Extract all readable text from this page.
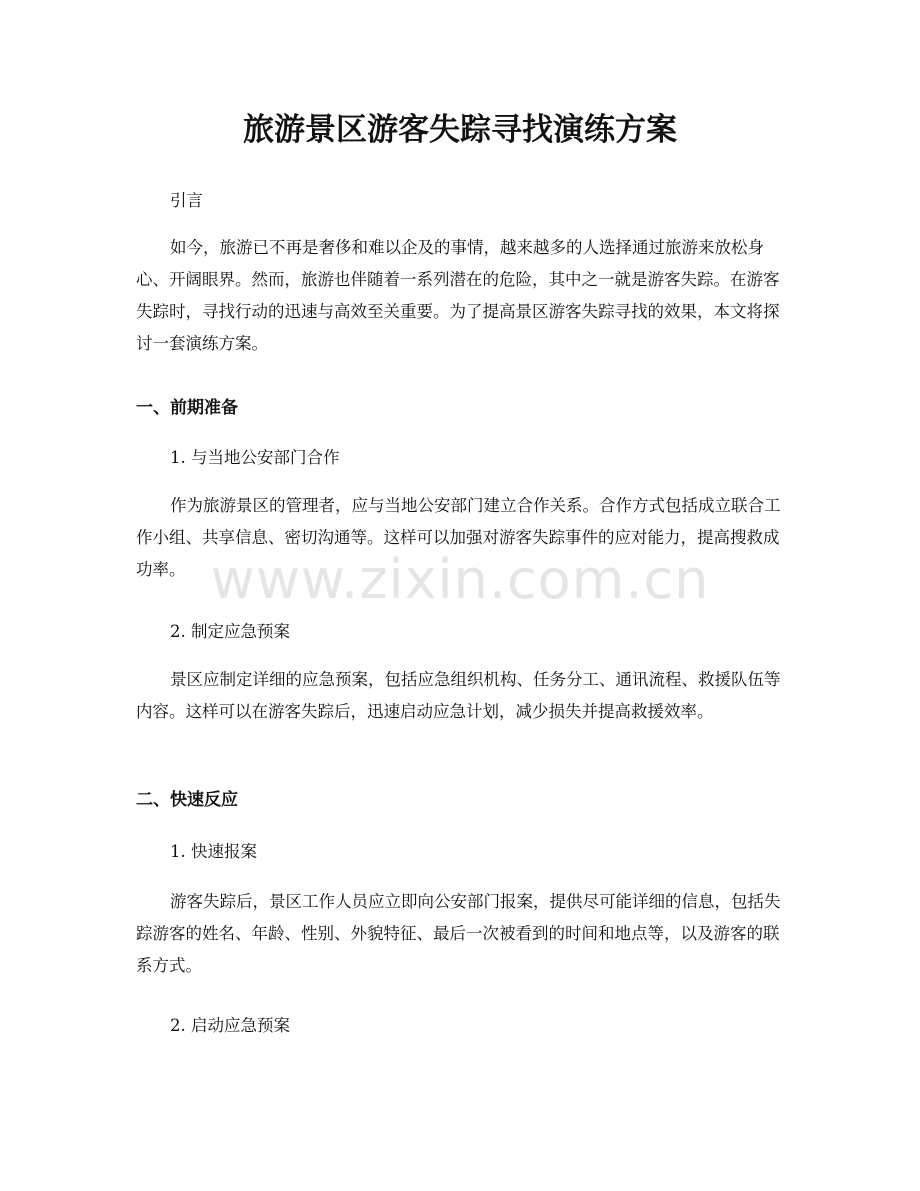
旅游景区游客失踪寻找演练方案

引言

如今，旅游已不再是奢侈和难以企及的事情，越来越多的人选择通过旅游来放松身心、开阔眼界。然而，旅游也伴随着一系列潜在的危险，其中之一就是游客失踪。在游客失踪时，寻找行动的迅速与高效至关重要。为了提高景区游客失踪寻找的效果，本文将探讨一套演练方案。

一、前期准备

1. 与当地公安部门合作

作为旅游景区的管理者，应与当地公安部门建立合作关系。合作方式包括成立联合工作小组、共享信息、密切沟通等。这样可以加强对游客失踪事件的应对能力，提高搜救成功率。

2. 制定应急预案

景区应制定详细的应急预案，包括应急组织机构、任务分工、通讯流程、救援队伍等内容。这样可以在游客失踪后，迅速启动应急计划，减少损失并提高救援效率。

二、快速反应

1. 快速报案

游客失踪后，景区工作人员应立即向公安部门报案，提供尽可能详细的信息，包括失踪游客的姓名、年龄、性别、外貌特征、最后一次被看到的时间和地点等，以及游客的联系方式。

2. 启动应急预案

www.zixin.com.cn
